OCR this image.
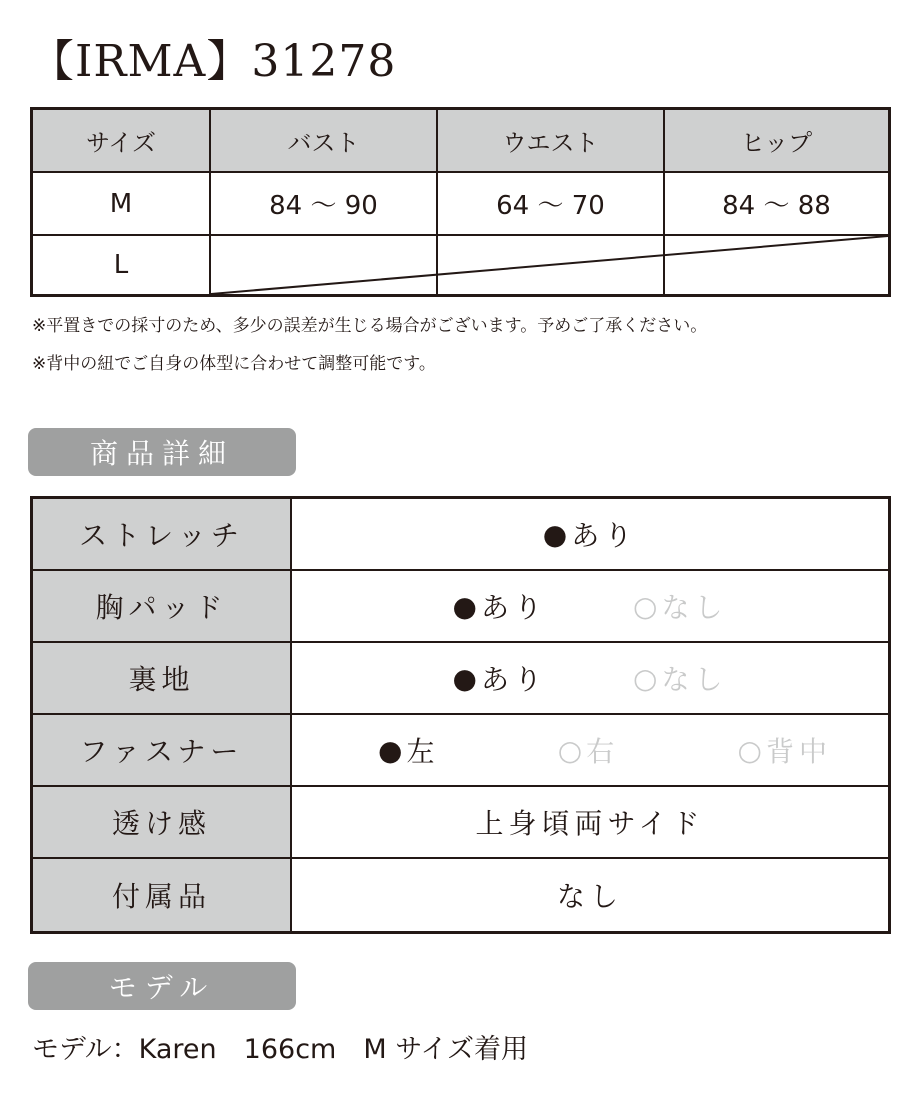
【IRMA】31278
サイズ	バスト	ウエスト	ヒップ
M	84 〜 90	64 〜 70	84 〜 88
L
※平置きでの採寸のため、多少の誤差が生じる場合がございます。予めご了承ください。
※背中の紐でご自身の体型に合わせて調整可能です。
商品詳細
ストレッチ	● あり
胸パッド	● あり	○ なし
裏地	● あり	○ なし
ファスナー	● 左	○ 右	○ 背中
透け感	上身頃両サイド
付属品	なし
モデル
モデル：Karen　166cm　M サイズ着用
